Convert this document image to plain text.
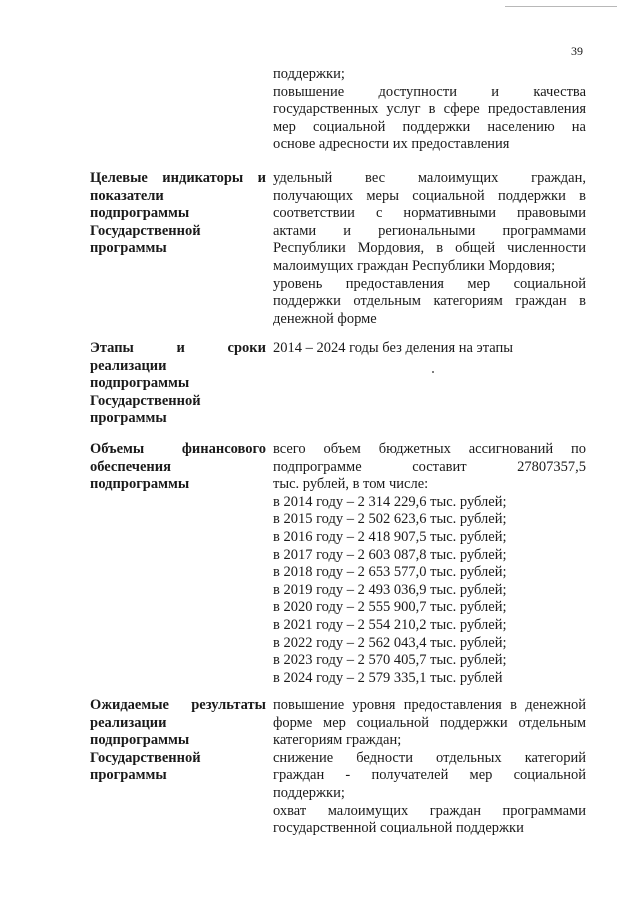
39
поддержки;
повышение доступности и качества
государственных услуг в сфере предоставления
мер социальной поддержки населению на
основе адресности их предоставления
Целевые индикаторы и
показатели
подпрограммы
Государственной
программы
удельный вес малоимущих граждан,
получающих меры социальной поддержки в
соответствии с нормативными правовыми
актами и региональными программами
Республики Мордовия, в общей численности
малоимущих граждан Республики Мордовия;
уровень предоставления мер социальной
поддержки отдельным категориям граждан в
денежной форме
Этапы и сроки
реализации
подпрограммы
Государственной
программы
2014 – 2024 годы без деления на этапы
Объемы финансового
обеспечения
подпрограммы
всего объем бюджетных ассигнований по
подпрограмме составит 27807357,5
тыс. рублей, в том числе:
в 2014 году – 2 314 229,6 тыс. рублей;
в 2015 году – 2 502 623,6 тыс. рублей;
в 2016 году – 2 418 907,5 тыс. рублей;
в 2017 году – 2 603 087,8 тыс. рублей;
в 2018 году – 2 653 577,0 тыс. рублей;
в 2019 году – 2 493 036,9 тыс. рублей;
в 2020 году – 2 555 900,7 тыс. рублей;
в 2021 году – 2 554 210,2 тыс. рублей;
в 2022 году – 2 562 043,4 тыс. рублей;
в 2023 году – 2 570 405,7 тыс. рублей;
в 2024 году – 2 579 335,1 тыс. рублей
Ожидаемые результаты
реализации
подпрограммы
Государственной
программы
повышение уровня предоставления в денежной
форме мер социальной поддержки отдельным
категориям граждан;
снижение бедности отдельных категорий
граждан - получателей мер социальной
поддержки;
охват малоимущих граждан программами
государственной социальной поддержки
